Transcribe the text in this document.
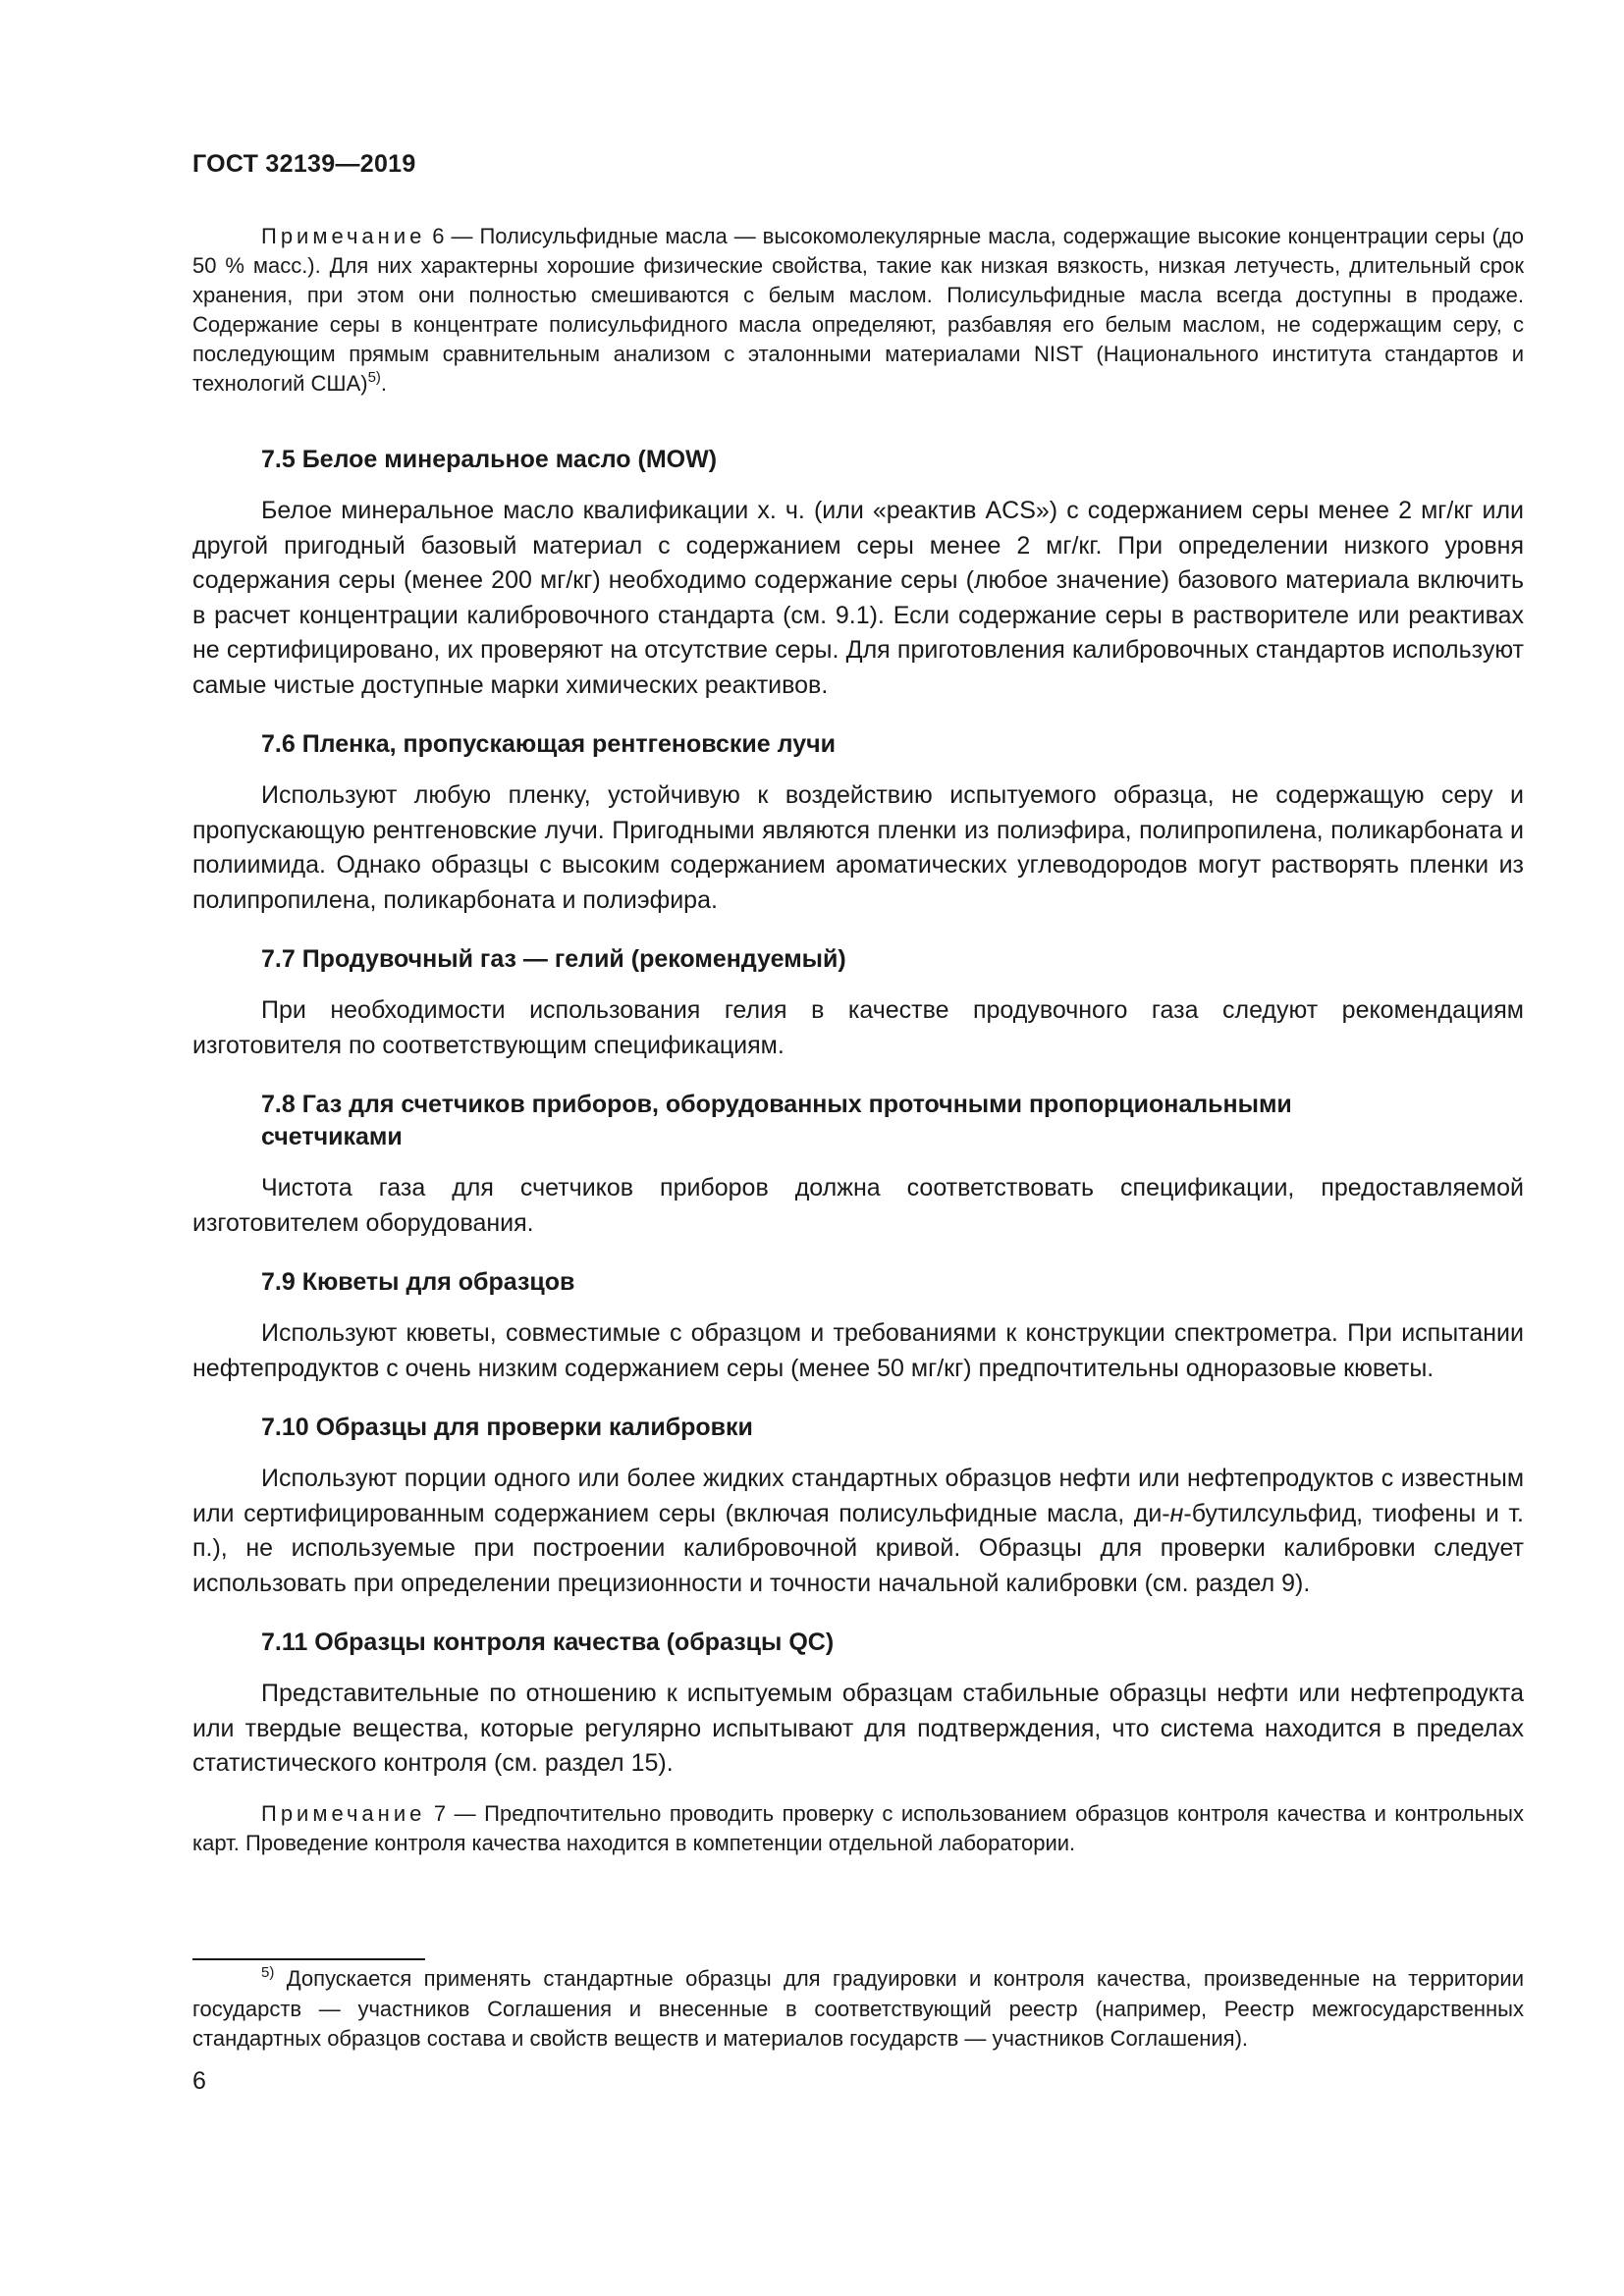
ГОСТ 32139—2019

Примечание 6 — Полисульфидные масла — высокомолекулярные масла, содержащие высокие концентрации серы (до 50 % масс.). Для них характерны хорошие физические свойства, такие как низкая вязкость, низкая летучесть, длительный срок хранения, при этом они полностью смешиваются с белым маслом. Полисульфидные масла всегда доступны в продаже. Содержание серы в концентрате полисульфидного масла определяют, разбавляя его белым маслом, не содержащим серу, с последующим прямым сравнительным анализом с эталонными материалами NIST (Национального института стандартов и технологий США)$^{5)}$.

7.5 Белое минеральное масло (MOW)

Белое минеральное масло квалификации х. ч. (или «реактив ACS») с содержанием серы менее 2 мг/кг или другой пригодный базовый материал с содержанием серы менее 2 мг/кг. При определении низкого уровня содержания серы (менее 200 мг/кг) необходимо содержание серы (любое значение) базового материала включить в расчет концентрации калибровочного стандарта (см. 9.1). Если содержание серы в растворителе или реактивах не сертифицировано, их проверяют на отсутствие серы. Для приготовления калибровочных стандартов используют самые чистые доступные марки химических реактивов.

7.6 Пленка, пропускающая рентгеновские лучи

Используют любую пленку, устойчивую к воздействию испытуемого образца, не содержащую серу и пропускающую рентгеновские лучи. Пригодными являются пленки из полиэфира, полипропилена, поликарбоната и полиимида. Однако образцы с высоким содержанием ароматических углеводородов могут растворять пленки из полипропилена, поликарбоната и полиэфира.

7.7 Продувочный газ — гелий (рекомендуемый)

При необходимости использования гелия в качестве продувочного газа следуют рекомендациям изготовителя по соответствующим спецификациям.

7.8 Газ для счетчиков приборов, оборудованных проточными пропорциональными счетчиками

Чистота газа для счетчиков приборов должна соответствовать спецификации, предоставляемой изготовителем оборудования.

7.9 Кюветы для образцов

Используют кюветы, совместимые с образцом и требованиями к конструкции спектрометра. При испытании нефтепродуктов с очень низким содержанием серы (менее 50 мг/кг) предпочтительны одноразовые кюветы.

7.10 Образцы для проверки калибровки

Используют порции одного или более жидких стандартных образцов нефти или нефтепродуктов с известным или сертифицированным содержанием серы (включая полисульфидные масла, ди-н-бутилсульфид, тиофены и т. п.), не используемые при построении калибровочной кривой. Образцы для проверки калибровки следует использовать при определении прецизионности и точности начальной калибровки (см. раздел 9).

7.11 Образцы контроля качества (образцы QC)

Представительные по отношению к испытуемым образцам стабильные образцы нефти или нефтепродукта или твердые вещества, которые регулярно испытывают для подтверждения, что система находится в пределах статистического контроля (см. раздел 15).

Примечание 7 — Предпочтительно проводить проверку с использованием образцов контроля качества и контрольных карт. Проведение контроля качества находится в компетенции отдельной лаборатории.

$^{5)}$ Допускается применять стандартные образцы для градуировки и контроля качества, произведенные на территории государств — участников Соглашения и внесенные в соответствующий реестр (например, Реестр межгосударственных стандартных образцов состава и свойств веществ и материалов государств — участников Соглашения).

6
